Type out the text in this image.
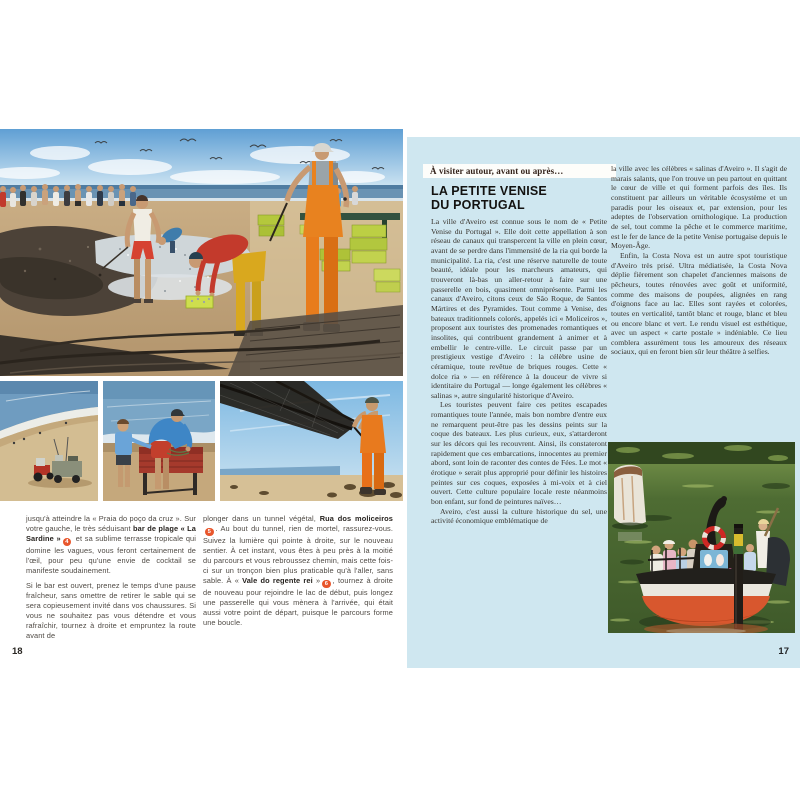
jusqu'à atteindre la « Praia do poço da cruz ». Sur votre gauche, le très séduisant bar de plage « La Sardine » 4 et sa sublime terrasse tropicale qui domine les vagues, vous feront certainement de l'œil, pour peu qu'une envie de cocktail se manifeste soudainement.

Si le bar est ouvert, prenez le temps d'une pause fraîcheur, sans omettre de retirer le sable qui se sera copieusement invité dans vos chaussures. Si vous ne souhaitez pas vous détendre et vous rafraîchir, tournez à droite et empruntez la route avant de

plonger dans un tunnel végétal, Rua dos moliceiros5 . Au bout du tunnel, rien de mortel, rassurez-vous. Suivez la lumière qui pointe à droite, sur le nouveau sentier. À cet instant, vous êtes à peu près à la moitié du parcours et vous rebroussez chemin, mais cette fois-ci sur un tronçon bien plus praticable qu'à l'aller, sans sable. À « Vale do regente rei » 6 , tournez à droite de nouveau pour rejoindre le lac de début, puis longez une passerelle qui vous mènera à l'arrivée, qui était aussi votre point de départ, puisque le parcours forme une boucle.

18
À visiter autour, avant ou après…
LA PETITE VENISE
DU PORTUGAL

La ville d'Aveiro est connue sous le nom de « Petite Venise du Portugal ». Elle doit cette appellation à son réseau de canaux qui transpercent la ville en plein cœur, avant de se perdre dans l'immensité de la ria qui borde la municipalité. La ria, c'est une réserve naturelle de toute beauté, idéale pour les marcheurs amateurs, qui trouveront là-bas un aller-retour à faire sur une passerelle en bois, quasiment omniprésente. Parmi les canaux d'Aveiro, citons ceux de São Roque, de Santos Mártires et des Pyramides. Tout comme à Venise, des bateaux traditionnels colorés, appelés ici « Moliceiros », proposent aux touristes des promenades romantiques et insolites, qui contribuent grandement à animer et à embellir le centre-ville. Le circuit passe par un prestigieux vestige d'Aveiro : la célèbre usine de céramique, toute revêtue de briques rouges. Cette « dolce ria » — en référence à la douceur de vivre si identitaire du Portugal — longe également les célèbres « salinas », autre singularité historique d'Aveiro.

Les touristes peuvent faire ces petites escapades romantiques toute l'année, mais bon nombre d'entre eux ne remarquent peut-être pas les dessins peints sur la coque des bateaux. Les plus curieux, eux, s'attarderont sur les décors qui les recouvrent. Ainsi, ils constateront rapidement que ces embarcations, innocentes au premier abord, sont loin de raconter des contes de Fées. Le mot « érotique » serait plus approprié pour définir les histoires peintes sur ces coques, exposées à mi-voix et à ciel ouvert. Cette culture populaire locale reste néanmoins bon enfant, sur fond de peintures naïves…

Aveiro, c'est aussi la culture historique du sel, une activité économique emblématique de

la ville avec les célèbres « salinas d'Aveiro ». Il s'agit de marais salants, que l'on trouve un peu partout en quittant le cœur de ville et qui forment parfois des îles. Ils constituent par ailleurs un véritable écosystème et un paradis pour les oiseaux et, par extension, pour les adeptes de l'observation ornithologique. La production de sel, tout comme la pêche et le commerce maritime, est le fer de lance de la petite Venise portugaise depuis le Moyen-Âge.

Enfin, la Costa Nova est un autre spot touristique d'Aveiro très prisé. Ultra médiatisée, la Costa Nova déplie fièrement son chapelet d'anciennes maisons de pêcheurs, toutes rénovées avec goût et uniformité, comme des maisons de poupées, alignées en rang d'oignons face au lac. Elles sont rayées et colorées, toutes en verticalité, tantôt blanc et rouge, blanc et bleu ou encore blanc et vert. Le rendu visuel est esthétique, avec un aspect « carte postale » indéniable. Ce lieu comblera assurément tous les amoureux des réseaux sociaux, qui en feront bien sûr leur théâtre à selfies.

17
